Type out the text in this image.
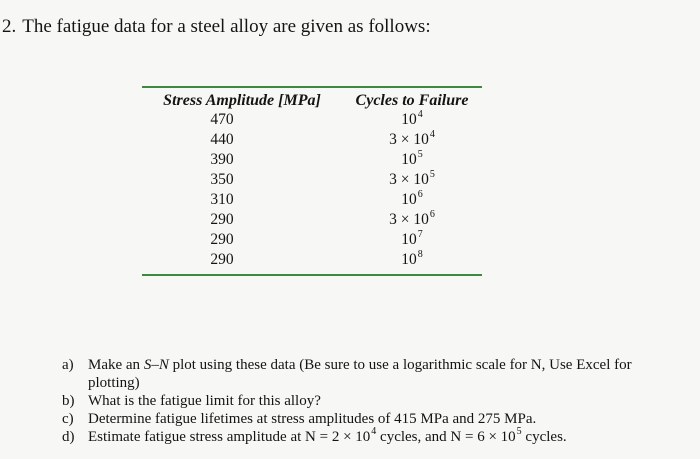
2. The fatigue data for a steel alloy are given as follows:
Stress Amplitude [MPa]	Cycles to Failure
470	$10^4$
440	$3 \times 10^4$
390	$10^5$
350	$3 \times 10^5$
310	$10^6$
290	$3 \times 10^6$
290	$10^7$
290	$10^8$
a) Make an S–N plot using these data (Be sure to use a logarithmic scale for N, Use Excel for plotting)
b) What is the fatigue limit for this alloy?
c) Determine fatigue lifetimes at stress amplitudes of 415 MPa and 275 MPa.
d) Estimate fatigue stress amplitude at $N = 2 \times 10^4$ cycles, and $N = 6 \times 10^5$ cycles.
